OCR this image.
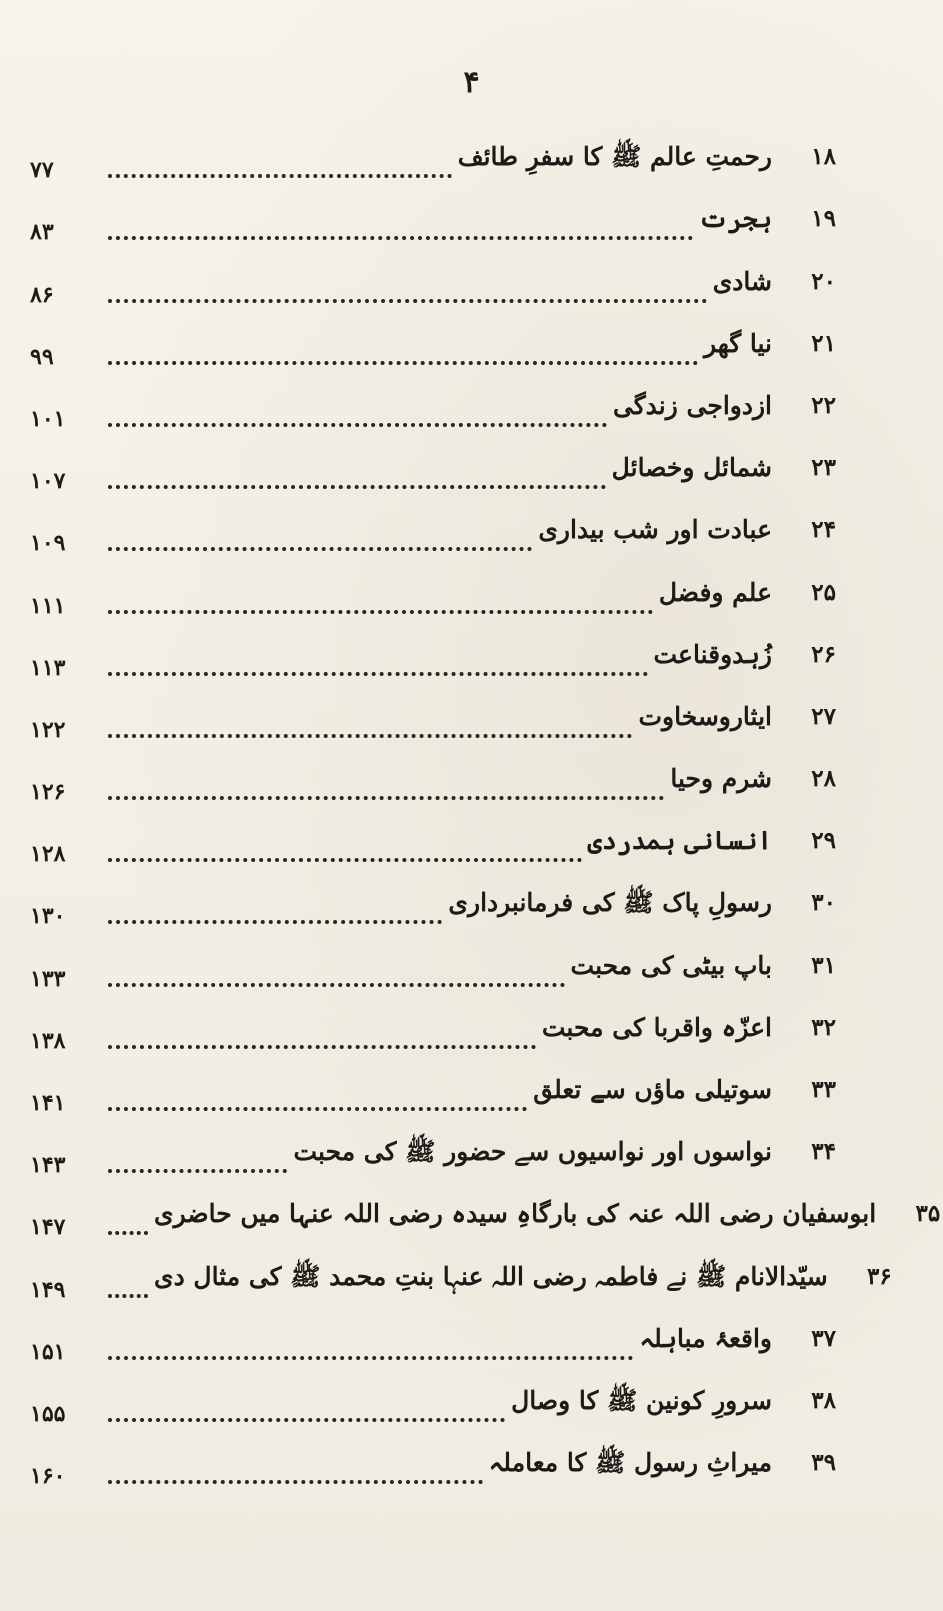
۴
۷۷	رحمتِ عالم ﷺ کا سفرِ طائف	۱۸
۸۳	ہجرت	۱۹
۸۶	شادی	۲۰
۹۹	نیا گھر	۲۱
۱۰۱	ازدواجی زندگی	۲۲
۱۰۷	شمائل وخصائل	۲۳
۱۰۹	عبادت اور شب بیداری	۲۴
۱۱۱	علم وفضل	۲۵
۱۱۳	زُہدوقناعت	۲۶
۱۲۲	ایثاروسخاوت	۲۷
۱۲۶	شرم وحیا	۲۸
۱۲۸	انسانی ہمدردی	۲۹
۱۳۰	رسولِ پاک ﷺ کی فرمانبرداری	۳۰
۱۳۳	باپ بیٹی کی محبت	۳۱
۱۳۸	اعزّہ واقربا کی محبت	۳۲
۱۴۱	سوتیلی ماؤں سے تعلق	۳۳
۱۴۳	نواسوں اور نواسیوں سے حضور ﷺ کی محبت	۳۴
۱۴۷	ابوسفیان رضی اللہ عنہ کی بارگاہِ سیدہ رضی اللہ عنہا میں حاضری	۳۵
۱۴۹	سیّدالانام ﷺ نے فاطمہ رضی اللہ عنہا بنتِ محمد ﷺ کی مثال دی	۳۶
۱۵۱	واقعۂ مباہلہ	۳۷
۱۵۵	سرورِ کونین ﷺ کا وصال	۳۸
۱۶۰	میراثِ رسول ﷺ کا معاملہ	۳۹
